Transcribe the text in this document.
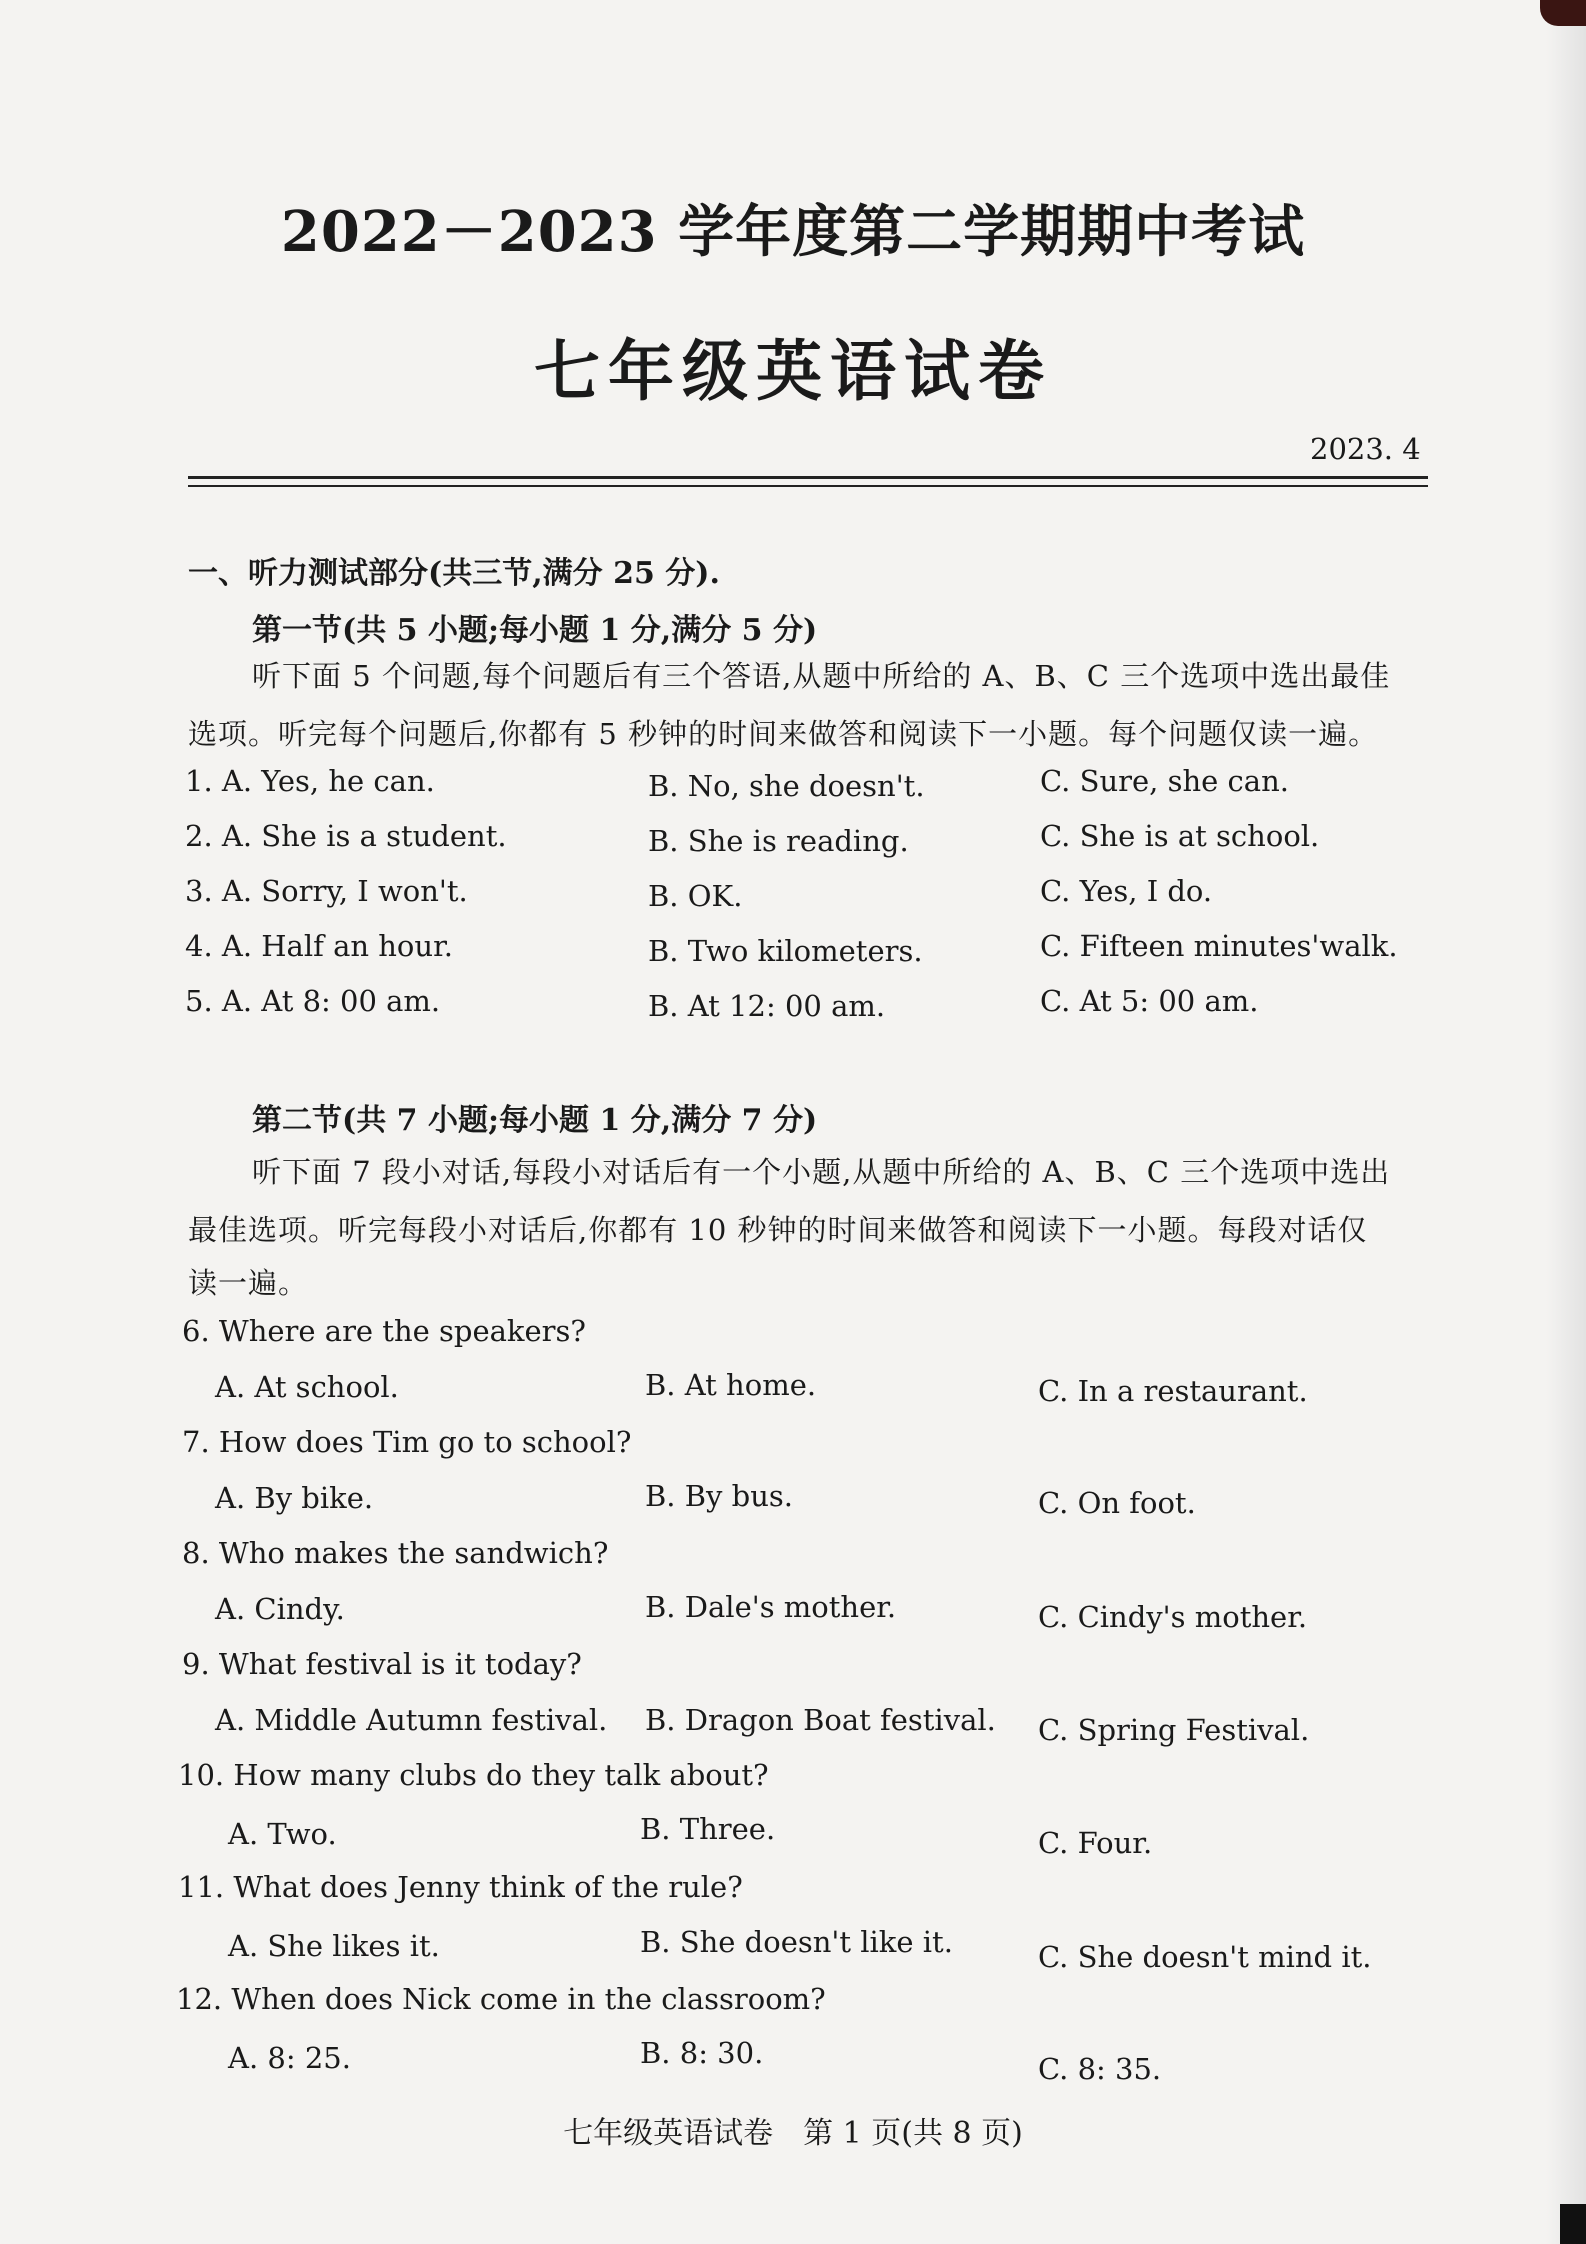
2022－2023 学年度第二学期期中考试
七年级英语试卷
2023. 4
一、听力测试部分(共三节,满分 25 分).
第一节(共 5 小题;每小题 1 分,满分 5 分)
听下面 5 个问题,每个问题后有三个答语,从题中所给的 A、B、C 三个选项中选出最佳
选项。听完每个问题后,你都有 5 秒钟的时间来做答和阅读下一小题。每个问题仅读一遍。
1. A. Yes, he can.	B. No, she doesn't.	C. Sure, she can.
2. A. She is a student.	B. She is reading.	C. She is at school.
3. A. Sorry, I won't.	B. OK.	C. Yes, I do.
4. A. Half an hour.	B. Two kilometers.	C. Fifteen minutes'walk.
5. A. At 8: 00 am.	B. At 12: 00 am.	C. At 5: 00 am.
第二节(共 7 小题;每小题 1 分,满分 7 分)
听下面 7 段小对话,每段小对话后有一个小题,从题中所给的 A、B、C 三个选项中选出
最佳选项。听完每段小对话后,你都有 10 秒钟的时间来做答和阅读下一小题。每段对话仅
读一遍。
6. Where are the speakers?
A. At school.	B. At home.	C. In a restaurant.
7. How does Tim go to school?
A. By bike.	B. By bus.	C. On foot.
8. Who makes the sandwich?
A. Cindy.	B. Dale's mother.	C. Cindy's mother.
9. What festival is it today?
A. Middle Autumn festival. B. Dragon Boat festival. C. Spring Festival.
10. How many clubs do they talk about?
A. Two.	B. Three.	C. Four.
11. What does Jenny think of the rule?
A. She likes it.	B. She doesn't like it.	C. She doesn't mind it.
12. When does Nick come in the classroom?
A. 8: 25.	B. 8: 30.	C. 8: 35.
七年级英语试卷　第 1 页(共 8 页)
